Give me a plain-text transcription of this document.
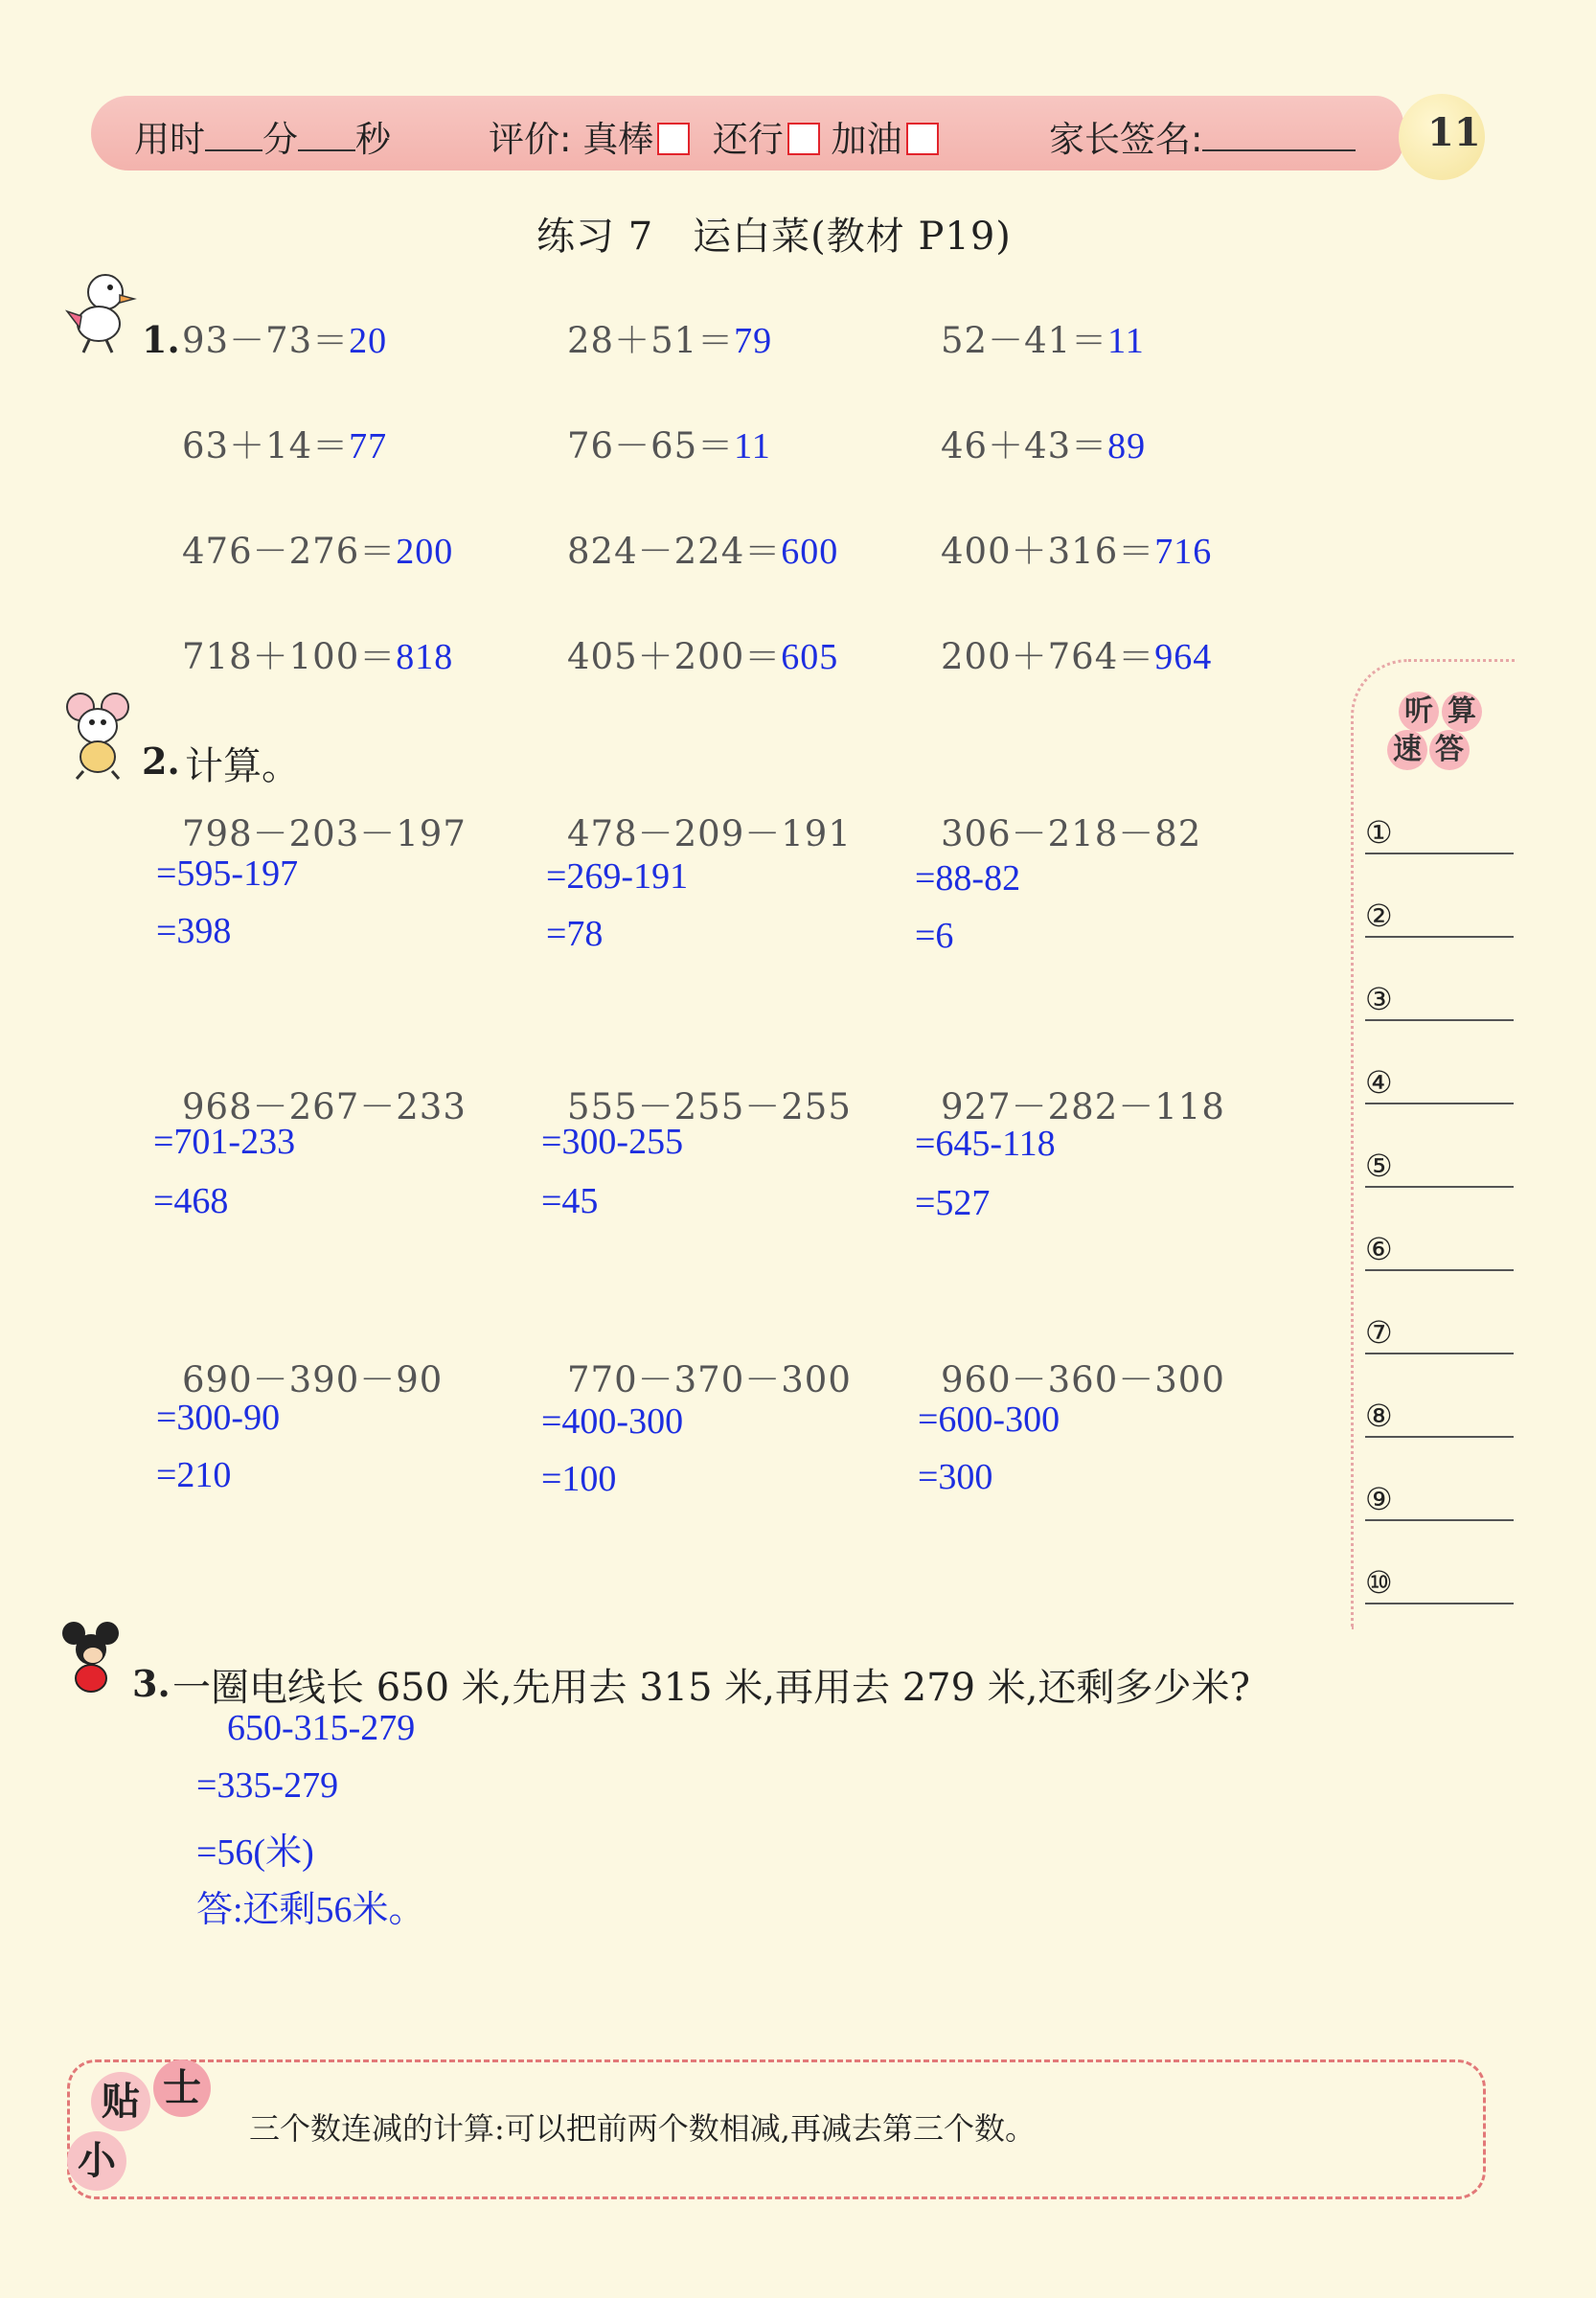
用时 分 秒	评价: 真棒 还行 加油	家长签名:	11
练习 7　运白菜(教材 P19)
1. 93－73＝20	28＋51＝79	52－41＝11
63＋14＝77	76－65＝11	46＋43＝89
476－276＝200	824－224＝600	400＋316＝716
718＋100＝818	405＋200＝605	200＋764＝964
2. 计算。
798－203－197
=595-197
=398
478－209－191
=269-191
=78
306－218－82
=88-82
=6
968－267－233
=701-233
=468
555－255－255
=300-255
=45
927－282－118
=645-118
=527
690－390－90
=300-90
=210
770－370－300
=400-300
=100
960－360－300
=600-300
=300
听 算
速 答
①
②
③
④
⑤
⑥
⑦
⑧
⑨
⑩
3. 一圈电线长 650 米,先用去 315 米,再用去 279 米,还剩多少米?
650-315-279
=335-279
=56(米)
答:还剩56米。
贴 士
小
三个数连减的计算:可以把前两个数相减,再减去第三个数。
